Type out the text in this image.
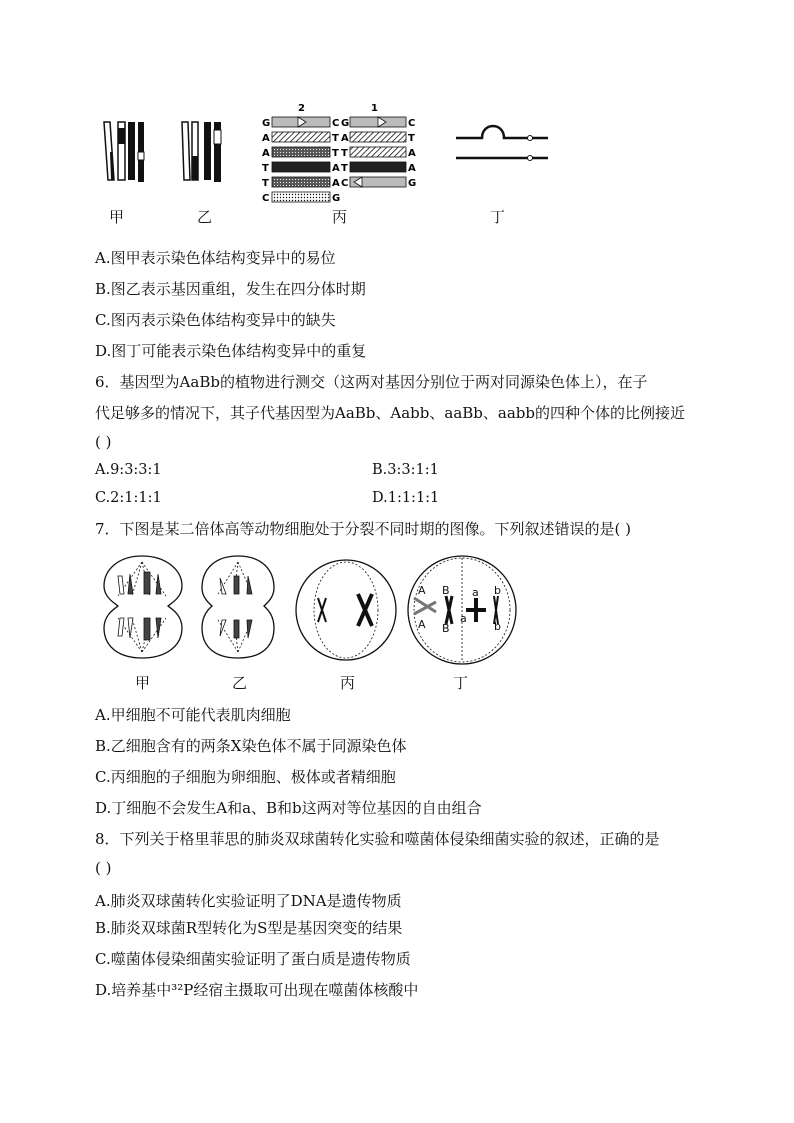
甲	乙
2	1
G
A
A
T
T
C
C
T
T
A
A
G
G
A
T
T
C
C
T
A
A
G
丙	丁
A.图甲表示染色体结构变异中的易位
B.图乙表示基因重组，发生在四分体时期
C.图丙表示染色体结构变异中的缺失
D.图丁可能表示染色体结构变异中的重复
6．基因型为AaBb的植物进行测交（这两对基因分别位于两对同源染色体上），在子
代足够多的情况下，其子代基因型为AaBb、Aabb、aaBb、aabb的四种个体的比例接近
( )
A.9:3:3:1	B.3:3:1:1
C.2:1:1:1	D.1:1:1:1
7．下图是某二倍体高等动物细胞处于分裂不同时期的图像。下列叙述错误的是( )
A B a b
A B
a
b
甲	乙	丙	丁
A.甲细胞不可能代表肌肉细胞
B.乙细胞含有的两条X染色体不属于同源染色体
C.丙细胞的子细胞为卵细胞、极体或者精细胞
D.丁细胞不会发生A和a、B和b这两对等位基因的自由组合
8．下列关于格里菲思的肺炎双球菌转化实验和噬菌体侵染细菌实验的叙述，正确的是
( )
A.肺炎双球菌转化实验证明了DNA是遗传物质
B.肺炎双球菌R型转化为S型是基因突变的结果
C.噬菌体侵染细菌实验证明了蛋白质是遗传物质
D.培养基中³²P经宿主摄取可出现在噬菌体核酸中
